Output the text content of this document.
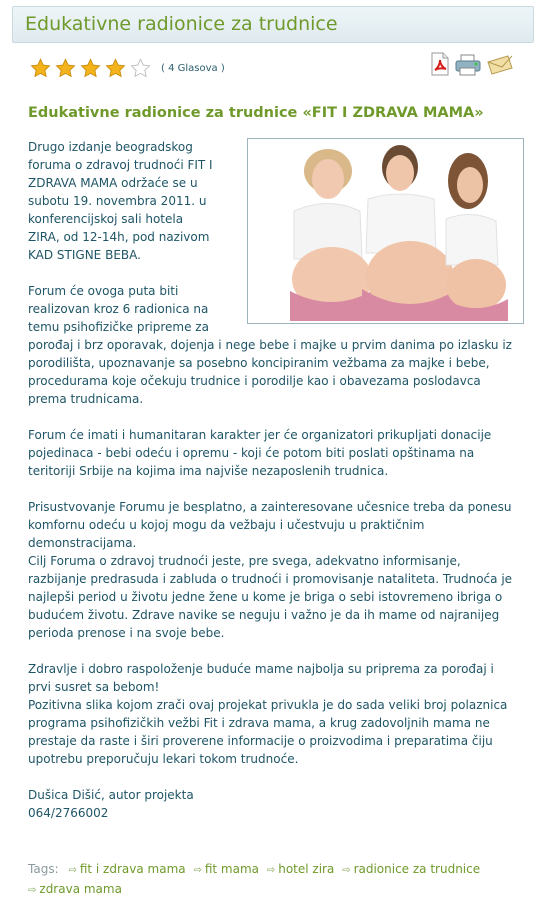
Edukativne radionice za trudnice
( 4 Glasova )
Edukativne radionice za trudnice «FIT I ZDRAVA MAMA»

Drugo izdanje beogradskog foruma o zdravoj trudnoći FIT I ZDRAVA MAMA održaće se u subotu 19. novembra 2011. u konferencijskoj sali hotela ZIRA, od 12-14h, pod nazivom KAD STIGNE BEBA.

Forum će ovoga puta biti realizovan kroz 6 radionica na temu psihofizičke pripreme za porođaj i brz oporavak, dojenja i nege bebe i majke u prvim danima po izlasku iz porodilišta, upoznavanje sa posebno koncipiranim vežbama za majke i bebe, procedurama koje očekuju trudnice i porodilje kao i obavezama poslodavca prema trudnicama.

Forum će imati i humanitaran karakter jer će organizatori prikupljati donacije pojedinaca - bebi odeću i opremu - koji će potom biti poslati opštinama na teritoriji Srbije na kojima ima najviše nezaposlenih trudnica.

Prisustvovanje Forumu je besplatno, a zainteresovane učesnice treba da ponesu komfornu odeću u kojoj mogu da vežbaju i učestvuju u praktičnim demonstracijama.

Cilj Foruma o zdravoj trudnoći jeste, pre svega, adekvatno informisanje, razbijanje predrasuda i zabluda o trudnoći i promovisanje nataliteta. Trudnoća je najlepši period u životu jedne žene u kome je briga o sebi istovremeno ibriga o budućem životu. Zdrave navike se neguju i važno je da ih mame od najranijeg perioda prenose i na svoje bebe.

Zdravlje i dobro raspoloženje buduće mame najbolja su priprema za porođaj i prvi susret sa bebom!

Pozitivna slika kojom zrači ovaj projekat privukla je do sada veliki broj polaznica programa psihofizičkih vežbi Fit i zdrava mama, a krug zadovoljnih mama ne prestaje da raste i širi proverene informacije o proizvodima i preparatima čiju upotrebu preporučuju lekari tokom trudnoće.

Dušica Dišić, autor projekta

064/2766002

Tags: ⇨ fit i zdrava mama ⇨ fit mama ⇨ hotel zira ⇨ radionice za trudnice ⇨ zdrava mama
